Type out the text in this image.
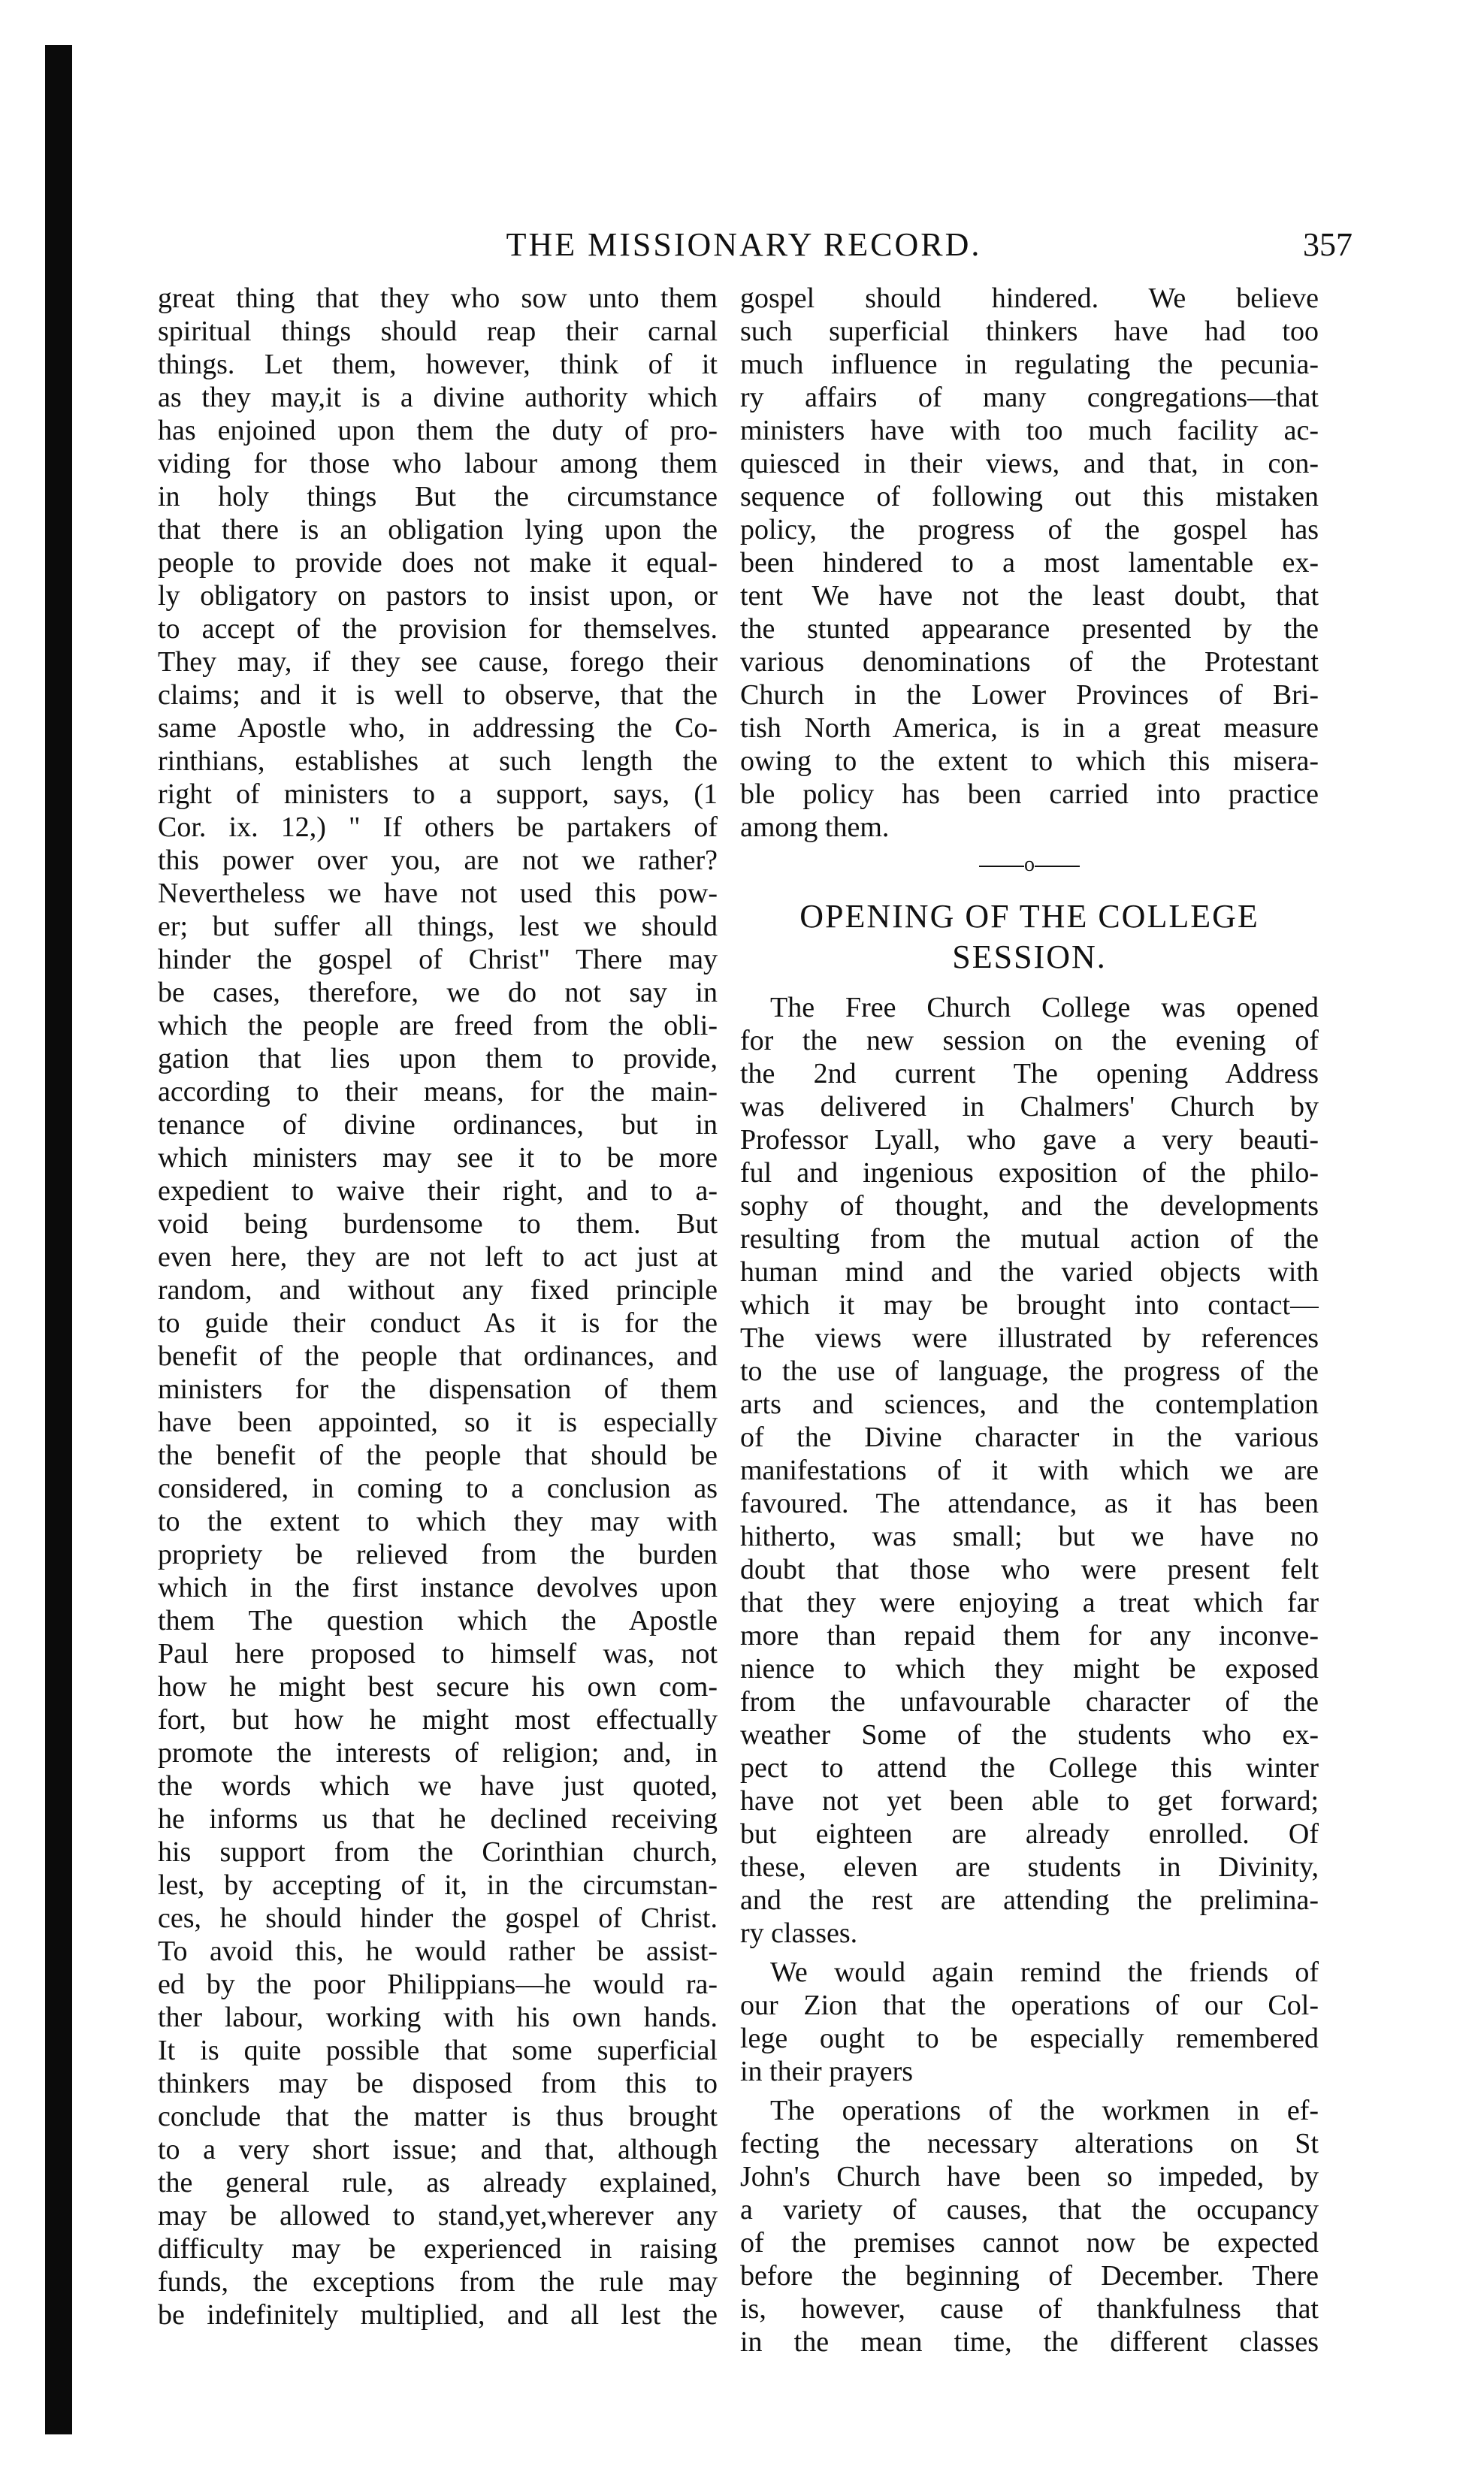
THE MISSIONARY RECORD.	357
great thing that they who sow unto them
spiritual things should reap their carnal
things. Let them, however, think of it
as they may,it is a divine authority which
has enjoined upon them the duty of pro-
viding for those who labour among them
in holy things But the circumstance
that there is an obligation lying upon the
people to provide does not make it equal-
ly obligatory on pastors to insist upon, or
to accept of the provision for themselves.
They may, if they see cause, forego their
claims; and it is well to observe, that the
same Apostle who, in addressing the Co-
rinthians, establishes at such length the
right of ministers to a support, says, (1
Cor. ix. 12,) " If others be partakers of
this power over you, are not we rather?
Nevertheless we have not used this pow-
er; but suffer all things, lest we should
hinder the gospel of Christ" There may
be cases, therefore, we do not say in
which the people are freed from the obli-
gation that lies upon them to provide,
according to their means, for the main-
tenance of divine ordinances, but in
which ministers may see it to be more
expedient to waive their right, and to a-
void being burdensome to them. But
even here, they are not left to act just at
random, and without any fixed principle
to guide their conduct As it is for the
benefit of the people that ordinances, and
ministers for the dispensation of them
have been appointed, so it is especially
the benefit of the people that should be
considered, in coming to a conclusion as
to the extent to which they may with
propriety be relieved from the burden
which in the first instance devolves upon
them The question which the Apostle
Paul here proposed to himself was, not
how he might best secure his own com-
fort, but how he might most effectually
promote the interests of religion; and, in
the words which we have just quoted,
he informs us that he declined receiving
his support from the Corinthian church,
lest, by accepting of it, in the circumstan-
ces, he should hinder the gospel of Christ.
To avoid this, he would rather be assist-
ed by the poor Philippians—he would ra-
ther labour, working with his own hands.
It is quite possible that some superficial
thinkers may be disposed from this to
conclude that the matter is thus brought
to a very short issue; and that, although
the general rule, as already explained,
may be allowed to stand,yet,wherever any
difficulty may be experienced in raising
funds, the exceptions from the rule may
be indefinitely multiplied, and all lest the
gospel should hindered. We believe
such superficial thinkers have had too
much influence in regulating the pecunia-
ry affairs of many congregations—that
ministers have with too much facility ac-
quiesced in their views, and that, in con-
sequence of following out this mistaken
policy, the progress of the gospel has
been hindered to a most lamentable ex-
tent We have not the least doubt, that
the stunted appearance presented by the
various denominations of the Protestant
Church in the Lower Provinces of Bri-
tish North America, is in a great measure
owing to the extent to which this misera-
ble policy has been carried into practice
among them.
o
OPENING OF THE COLLEGE
SESSION.
The Free Church College was opened
for the new session on the evening of
the 2nd current The opening Address
was delivered in Chalmers' Church by
Professor Lyall, who gave a very beauti-
ful and ingenious exposition of the philo-
sophy of thought, and the developments
resulting from the mutual action of the
human mind and the varied objects with
which it may be brought into contact—
The views were illustrated by references
to the use of language, the progress of the
arts and sciences, and the contemplation
of the Divine character in the various
manifestations of it with which we are
favoured. The attendance, as it has been
hitherto, was small; but we have no
doubt that those who were present felt
that they were enjoying a treat which far
more than repaid them for any inconve-
nience to which they might be exposed
from the unfavourable character of the
weather Some of the students who ex-
pect to attend the College this winter
have not yet been able to get forward;
but eighteen are already enrolled. Of
these, eleven are students in Divinity,
and the rest are attending the prelimina-
ry classes.
We would again remind the friends of
our Zion that the operations of our Col-
lege ought to be especially remembered
in their prayers
The operations of the workmen in ef-
fecting the necessary alterations on St
John's Church have been so impeded, by
a variety of causes, that the occupancy
of the premises cannot now be expected
before the beginning of December. There
is, however, cause of thankfulness that
in the mean time, the different classes
